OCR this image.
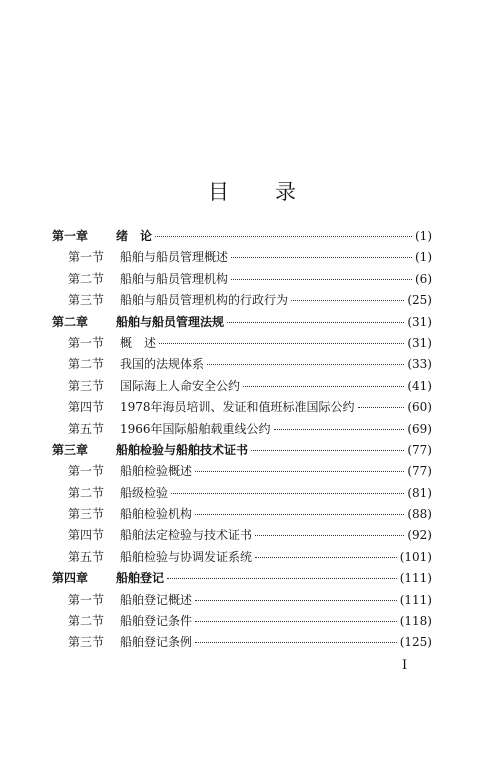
目 录
第一章	绪　论	(1)
第一节	船舶与船员管理概述	(1)
第二节	船舶与船员管理机构	(6)
第三节	船舶与船员管理机构的行政行为	(25)
第二章	船舶与船员管理法规	(31)
第一节	概　述	(31)
第二节	我国的法规体系	(33)
第三节	国际海上人命安全公约	(41)
第四节	1978年海员培训、发证和值班标准国际公约	(60)
第五节	1966年国际船舶载重线公约	(69)
第三章	船舶检验与船舶技术证书	(77)
第一节	船舶检验概述	(77)
第二节	船级检验	(81)
第三节	船舶检验机构	(88)
第四节	船舶法定检验与技术证书	(92)
第五节	船舶检验与协调发证系统	(101)
第四章	船舶登记	(111)
第一节	船舶登记概述	(111)
第二节	船舶登记条件	(118)
第三节	船舶登记条例	(125)
I
